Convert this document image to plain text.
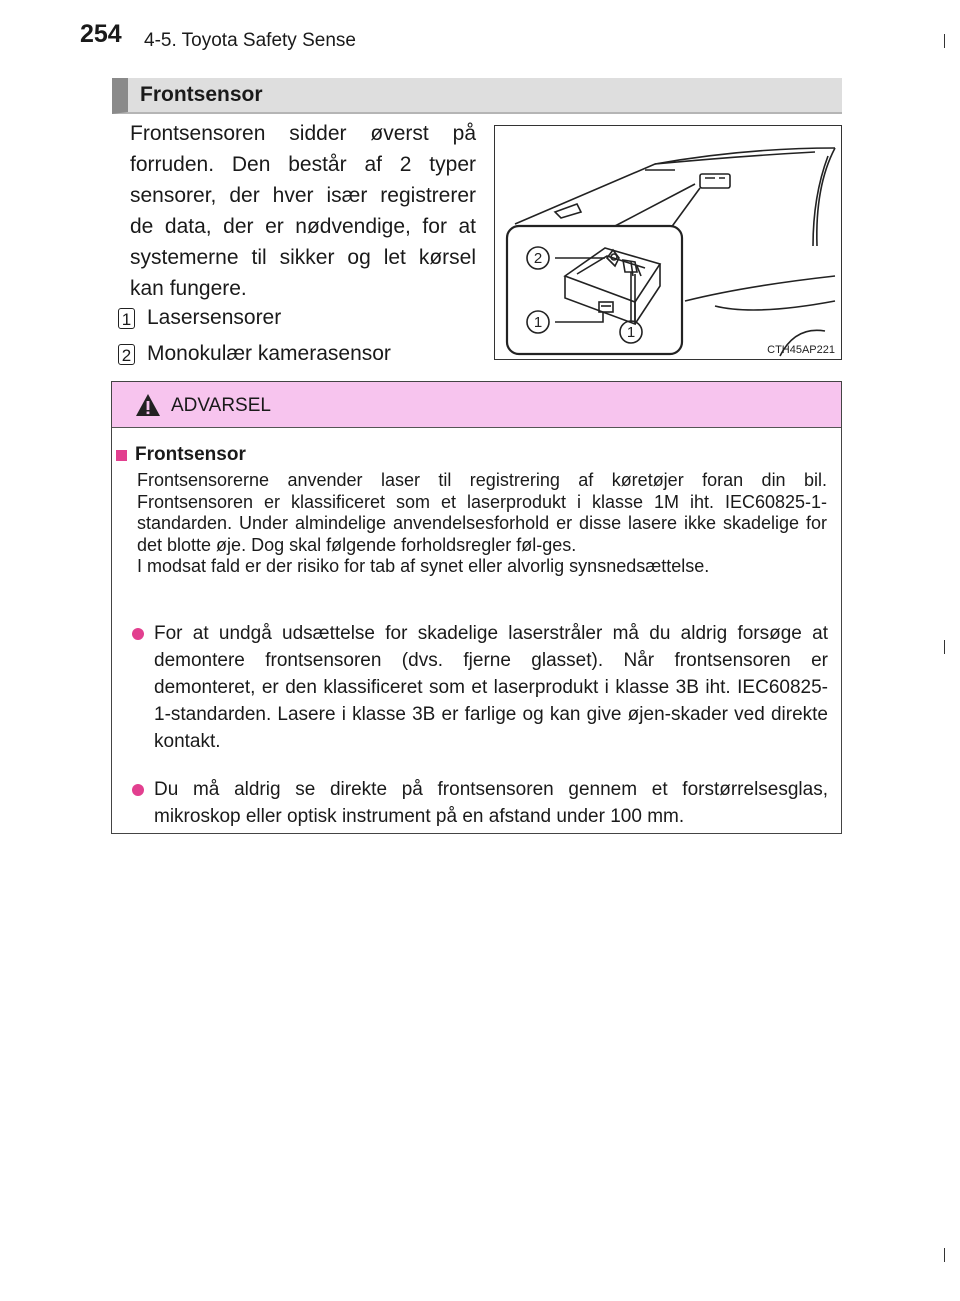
254 4-5. Toyota Safety Sense
Frontsensor

Frontsensoren sidder øverst på forruden. Den består af 2 typer sensorer, der hver især registrerer de data, der er nødvendige, for at systemerne til sikker og let kørsel kan fungere.

1 Lasersensorer
2 Monokulær kamerasensor
2
1
1
CTH45AP221
ADVARSEL
Frontsensor

Frontsensorerne anvender laser til registrering af køretøjer foran din bil. Frontsensoren er klassificeret som et laserprodukt i klasse 1M iht. IEC60825-1-standarden. Under almindelige anvendelsesforhold er disse lasere ikke skadelige for det blotte øje. Dog skal følgende forholdsregler føl-ges.
I modsat fald er der risiko for tab af synet eller alvorlig synsnedsættelse.

For at undgå udsættelse for skadelige laserstråler må du aldrig forsøge at demontere frontsensoren (dvs. fjerne glasset). Når frontsensoren er demonteret, er den klassificeret som et laserprodukt i klasse 3B iht. IEC60825-1-standarden. Lasere i klasse 3B er farlige og kan give øjen-skader ved direkte kontakt.

Du må aldrig se direkte på frontsensoren gennem et forstørrelsesglas, mikroskop eller optisk instrument på en afstand under 100 mm.
